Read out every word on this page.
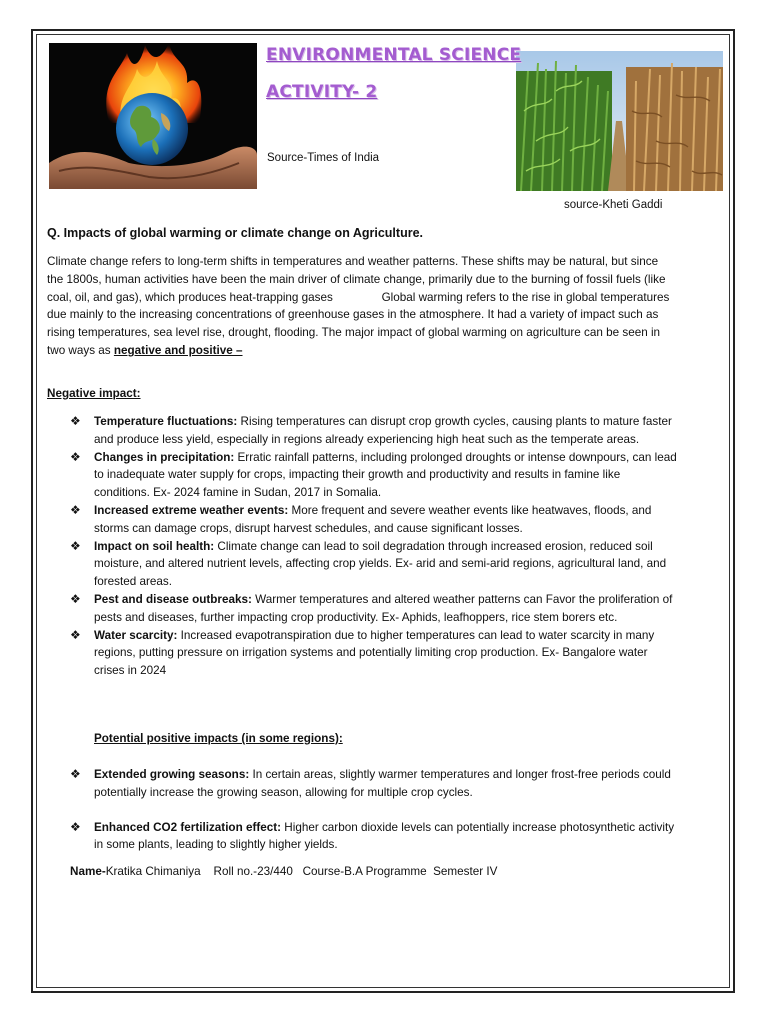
ENVIRONMENTAL SCIENCE
ACTIVITY- 2
Source-Times of India
source-Kheti Gaddi
Q. Impacts of global warming or climate change on Agriculture.

Climate change refers to long-term shifts in temperatures and weather patterns. These shifts may be natural, but since the 1800s, human activities have been the main driver of climate change, primarily due to the burning of fossil fuels (like coal, oil, and gas), which produces heat-trapping gases               Global warming refers to the rise in global temperatures due mainly to the increasing concentrations of greenhouse gases in the atmosphere. It had a variety of impact such as rising temperatures, sea level rise, drought, flooding. The major impact of global warming on agriculture can be seen in two ways as negative and positive –

Negative impact:
❖ Temperature fluctuations: Rising temperatures can disrupt crop growth cycles, causing plants to mature faster and produce less yield, especially in regions already experiencing high heat such as the temperate areas.
❖ Changes in precipitation: Erratic rainfall patterns, including prolonged droughts or intense downpours, can lead to inadequate water supply for crops, impacting their growth and productivity and results in famine like conditions. Ex- 2024 famine in Sudan, 2017 in Somalia.
❖ Increased extreme weather events: More frequent and severe weather events like heatwaves, floods, and storms can damage crops, disrupt harvest schedules, and cause significant losses.
❖ Impact on soil health: Climate change can lead to soil degradation through increased erosion, reduced soil moisture, and altered nutrient levels, affecting crop yields. Ex- arid and semi-arid regions, agricultural land, and forested areas.
❖ Pest and disease outbreaks: Warmer temperatures and altered weather patterns can Favor the proliferation of pests and diseases, further impacting crop productivity. Ex- Aphids, leafhoppers, rice stem borers etc.
❖ Water scarcity: Increased evapotranspiration due to higher temperatures can lead to water scarcity in many regions, putting pressure on irrigation systems and potentially limiting crop production. Ex- Bangalore water crises in 2024
Potential positive impacts (in some regions):
❖ Extended growing seasons: In certain areas, slightly warmer temperatures and longer frost-free periods could potentially increase the growing season, allowing for multiple crop cycles.
❖ Enhanced CO2 fertilization effect: Higher carbon dioxide levels can potentially increase photosynthetic activity in some plants, leading to slightly higher yields.
Name-Kratika Chimaniya    Roll no.-23/440   Course-B.A Programme  Semester IV
